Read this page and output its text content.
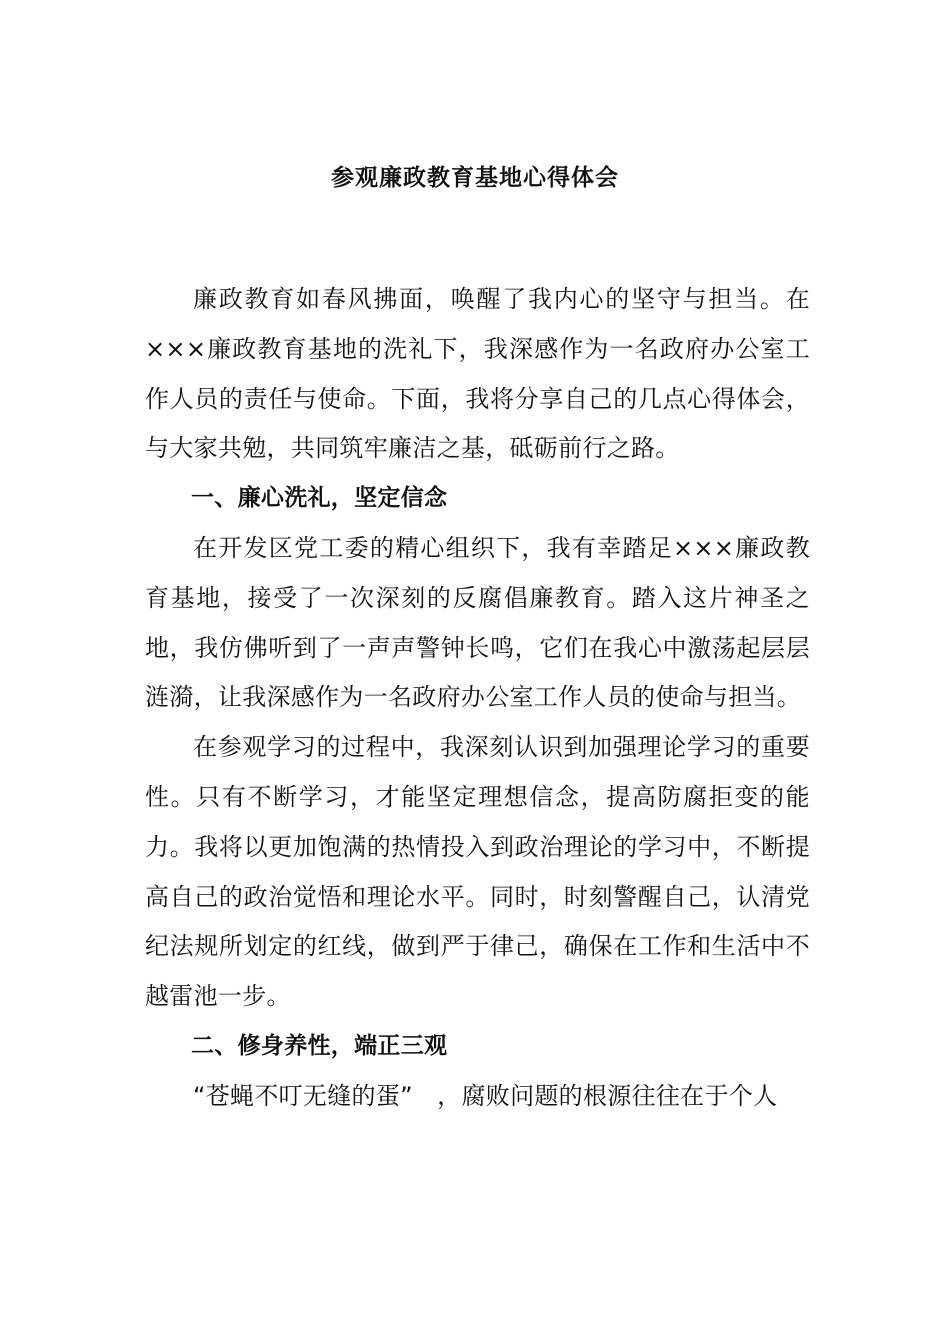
参观廉政教育基地心得体会

廉政教育如春风拂面，唤醒了我内心的坚守与担当。在×××廉政教育基地的洗礼下，我深感作为一名政府办公室工作人员的责任与使命。下面，我将分享自己的几点心得体会，与大家共勉，共同筑牢廉洁之基，砥砺前行之路。

一、廉心洗礼，坚定信念

在开发区党工委的精心组织下，我有幸踏足×××廉政教育基地，接受了一次深刻的反腐倡廉教育。踏入这片神圣之地，我仿佛听到了一声声警钟长鸣，它们在我心中激荡起层层涟漪，让我深感作为一名政府办公室工作人员的使命与担当。

在参观学习的过程中，我深刻认识到加强理论学习的重要性。只有不断学习，才能坚定理想信念，提高防腐拒变的能力。我将以更加饱满的热情投入到政治理论的学习中，不断提高自己的政治觉悟和理论水平。同时，时刻警醒自己，认清党纪法规所划定的红线，做到严于律己，确保在工作和生活中不越雷池一步。

二、修身养性，端正三观

“苍蝇不叮无缝的蛋”　，腐败问题的根源往往在于个人
